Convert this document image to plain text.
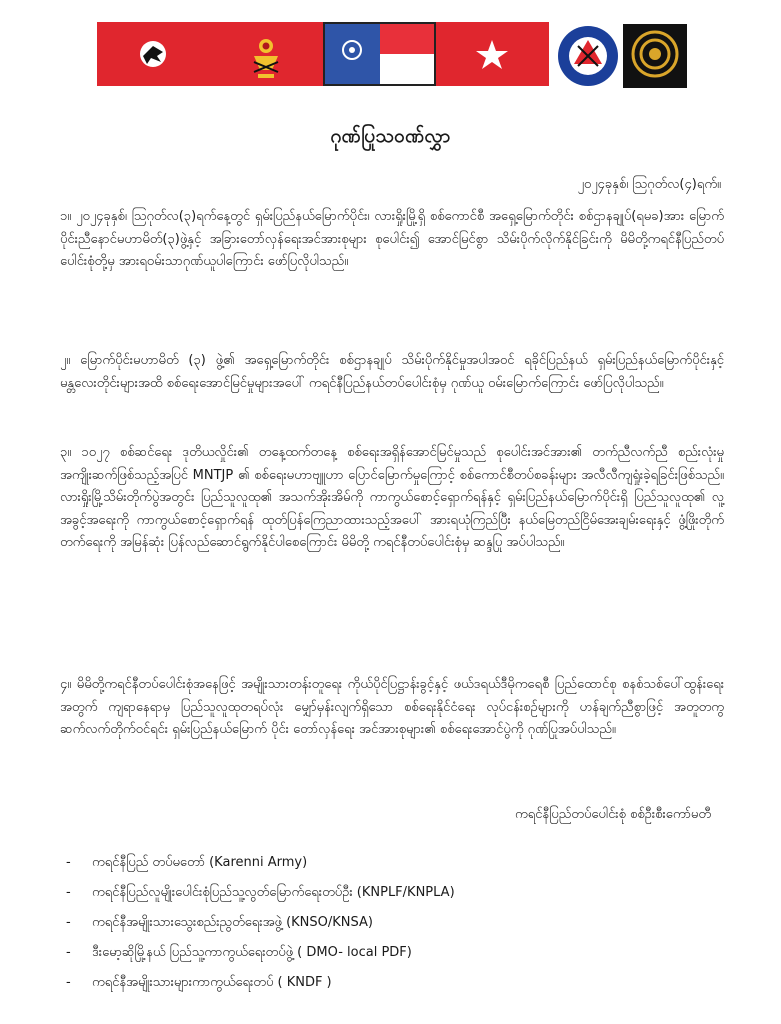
ဂုဏ်ပြုသဝဏ်လွှာ
၂၀၂၄ခုနှစ်၊ ဩဂုတ်လ(၄)ရက်။
၁။ ၂၀၂၄ခုနှစ်၊ ဩဂုတ်လ(၃)ရက်နေ့တွင် ရှမ်းပြည်နယ်မြောက်ပိုင်း၊ လားရှိုးမြို့ရှိ စစ်ကောင်စီ အရှေ့မြောက်တိုင်း စစ်ဌာနချုပ်(ရမခ)အား မြောက်ပိုင်းညီနောင်မဟာမိတ်(၃)ဖွဲ့နှင့် အခြားတော်လှန်ရေးအင်အားစုများ စုပေါင်း၍ အောင်မြင်စွာ သိမ်းပိုက်လိုက်နိုင်ခြင်းကို မိမိတို့ကရင်နီပြည်တပ်ပေါင်းစုံတို့မှ အားရဝမ်းသာဂုဏ်ယူပါကြောင်း ဖော်ပြလိုပါသည်။
၂။ မြောက်ပိုင်းမဟာမိတ် (၃) ဖွဲ့၏ အရှေ့မြောက်တိုင်း စစ်ဌာနချုပ် သိမ်းပိုက်နိုင်မှုအပါအဝင် ရခိုင်ပြည်နယ် ရှမ်းပြည်နယ်မြောက်ပိုင်းနှင့် မန္တလေးတိုင်းများအထိ စစ်ရေးအောင်မြင်မှုများအပေါ် ကရင်နီပြည်နယ်တပ်ပေါင်းစုံမှ ဂုဏ်ယူ ဝမ်းမြောက်ကြောင်း ဖော်ပြလိုပါသည်။
၃။ ၁၀၂၇ စစ်ဆင်ရေး ဒုတိယလှိုင်း၏ တနေ့ထက်တနေ့ စစ်ရေးအရှိန်အောင်မြင်မှုသည် စုပေါင်းအင်အား၏ တက်ညီလက်ညီ စည်းလုံးမှု အကျိုးဆက်ဖြစ်သည့်အပြင် MNTJP ၏ စစ်ရေးမဟာဗျူဟာ ပြောင်မြောက်မှုကြောင့် စစ်ကောင်စီတပ်စခန်းများ အလီလီကျရှုံးခဲ့ရခြင်းဖြစ်သည်။ လားရှိုးမြို့သိမ်းတိုက်ပွဲအတွင်း ပြည်သူလူထု၏ အသက်အိုးအိမ်ကို ကာကွယ်စောင့်ရှောက်ရန်နှင့် ရှမ်းပြည်နယ်မြောက်ပိုင်းရှိ ပြည်သူလူထု၏ လူ့အခွင့်အရေးကို ကာကွယ်စောင့်ရှောက်ရန် ထုတ်ပြန်ကြေညာထားသည့်အပေါ် အားရယုံကြည်ပြီး နယ်မြေတည်ငြိမ်အေးချမ်းရေးနှင့် ဖွံ့ဖြိုးတိုက်တက်ရေးကို အမြန်ဆုံး ပြန်လည်ဆောင်ရွက်နိုင်ပါစေကြောင်း မိမိတို့ ကရင်နီတပ်ပေါင်းစုံမှ ဆန္ဒပြု အပ်ပါသည်။
၄။ မိမိတို့ကရင်နီတပ်ပေါင်းစုံအနေဖြင့် အမျိုးသားတန်းတူရေး ကိုယ်ပိုင်ပြဋ္ဌာန်းခွင့်နှင့် ဖယ်ဒရယ်ဒီမိုကရေစီ ပြည်ထောင်စု စနစ်သစ်ပေါ်ထွန်းရေးအတွက် ကျရာနေရာမှ ပြည်သူလူထုတရပ်လုံး မျှော်မှန်းလျက်ရှိသော စစ်ရေးနိုင်ငံရေး လုပ်ငန်းစဉ်များကို ဟန်ချက်ညီစွာဖြင့် အတူတကွ ဆက်လက်တိုက်ဝင်ရင်း ရှမ်းပြည်နယ်မြောက် ပိုင်း တော်လှန်ရေး အင်အားစုများ၏ စစ်ရေးအောင်ပွဲကို ဂုဏ်ပြုအပ်ပါသည်။
ကရင်နီပြည်တပ်ပေါင်းစုံ စစ်ဦးစီးကော်မတီ
-	ကရင်နီပြည် တပ်မတော် (Karenni Army)
-	ကရင်နီပြည်လူမျိုးပေါင်းစုံပြည်သူ့လွတ်မြောက်ရေးတပ်ဦး (KNPLF/KNPLA)
-	ကရင်နီအမျိုးသားသွေးစည်းညွတ်ရေးအဖွဲ့ (KNSO/KNSA)
-	ဒီးမော့ဆိုမြို့နယ် ပြည်သူ့ကာကွယ်ရေးတပ်ဖွဲ့ ( DMO- local PDF)
-	ကရင်နီအမျိုးသားများကာကွယ်ရေးတပ် ( KNDF )
